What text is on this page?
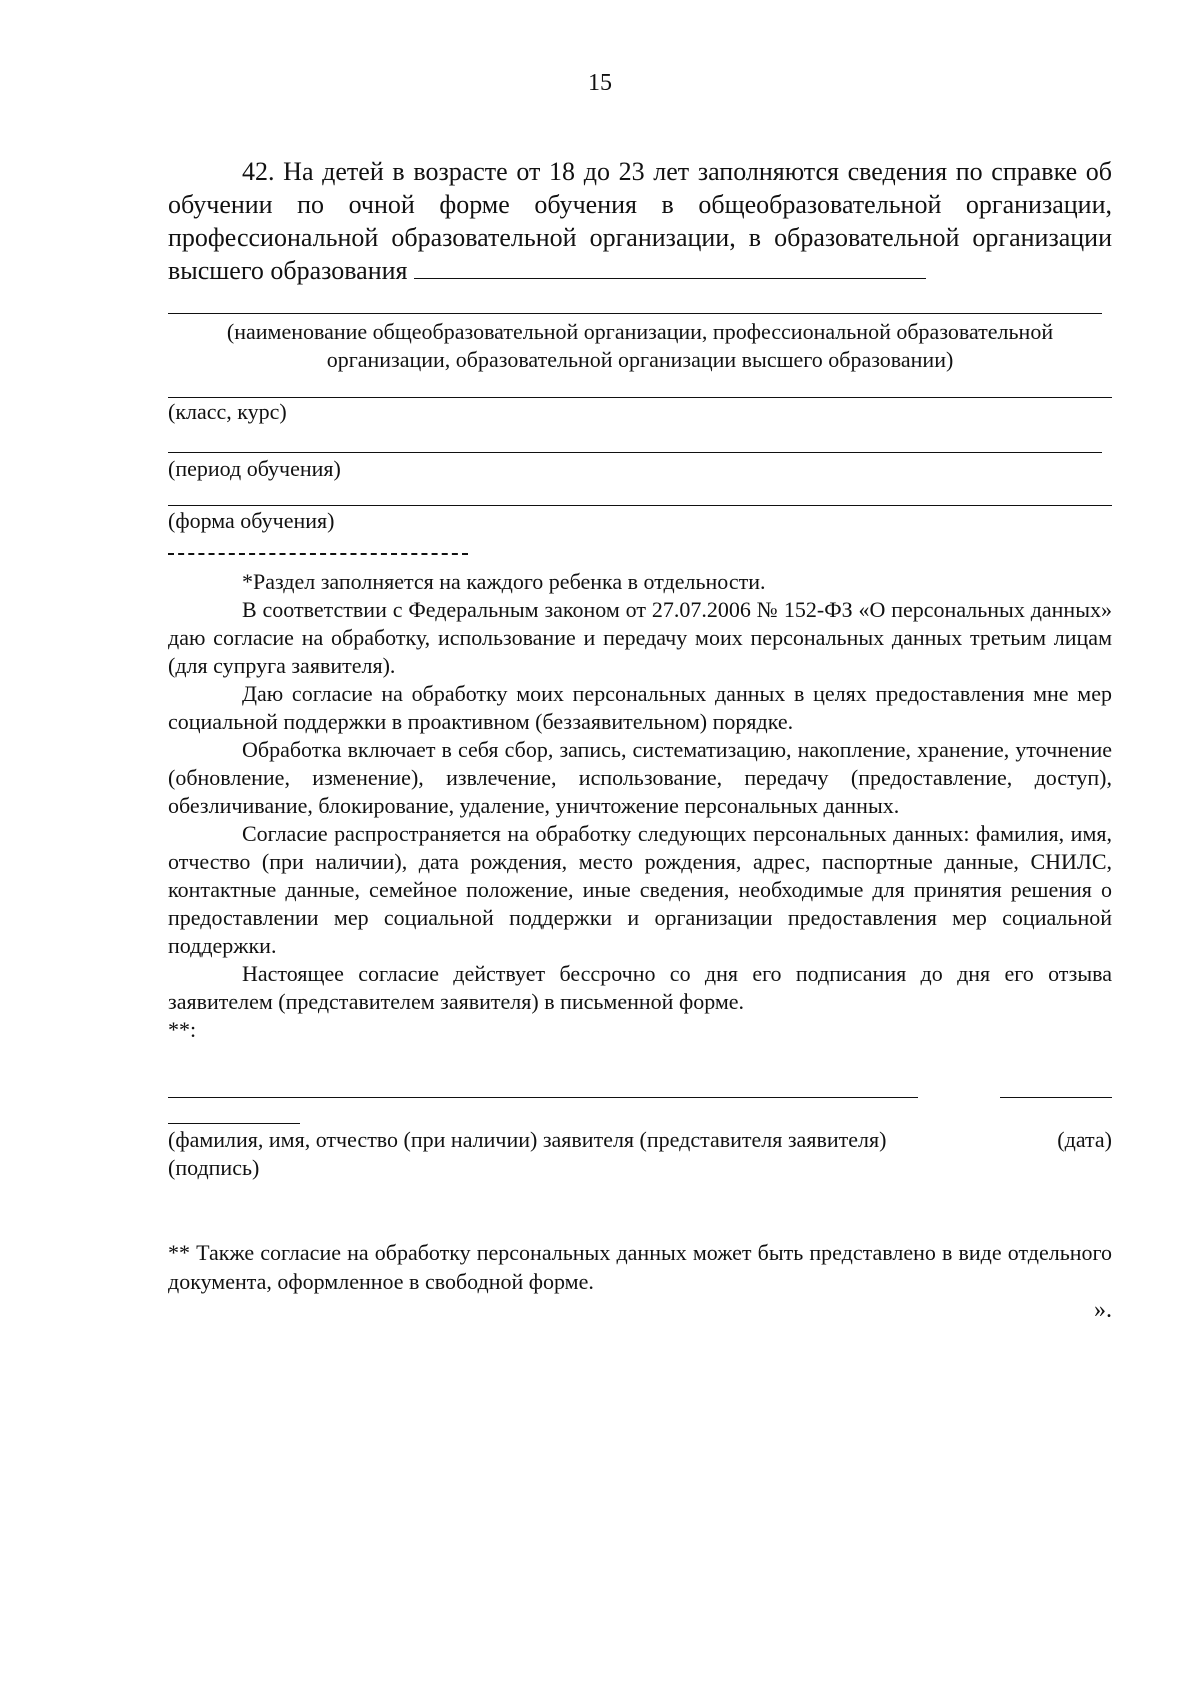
15

42. На детей в возрасте от 18 до 23 лет заполняются сведения по справке об обучении по очной форме обучения в общеобразовательной организации, профессиональной образовательной организации, в образовательной организации высшего образования

(наименование общеобразовательной организации, профессиональной образовательной организации, образовательной организации высшего образовании)
(класс, курс)
(период обучения)
(форма обучения)

*Раздел заполняется на каждого ребенка в отдельности.

В соответствии с Федеральным законом от 27.07.2006 № 152-ФЗ «О персональных данных» даю согласие на обработку, использование и передачу моих персональных данных третьим лицам (для супруга заявителя).

Даю согласие на обработку моих персональных данных в целях предоставления мне мер социальной поддержки в проактивном (беззаявительном) порядке.

Обработка включает в себя сбор, запись, систематизацию, накопление, хранение, уточнение (обновление, изменение), извлечение, использование, передачу (предоставление, доступ), обезличивание, блокирование, удаление, уничтожение персональных данных.

Согласие распространяется на обработку следующих персональных данных: фамилия, имя, отчество (при наличии), дата рождения, место рождения, адрес, паспортные данные, СНИЛС, контактные данные, семейное положение, иные сведения, необходимые для принятия решения о предоставлении мер социальной поддержки и организации предоставления мер социальной поддержки.

Настоящее согласие действует бессрочно со дня его подписания до дня его отзыва заявителем (представителем заявителя) в письменной форме.

**:

(фамилия, имя, отчество (при наличии) заявителя (представителя заявителя)	(дата)
(подпись)
** Также согласие на обработку персональных данных может быть представлено в виде отдельного документа, оформленное в свободной форме.
».
